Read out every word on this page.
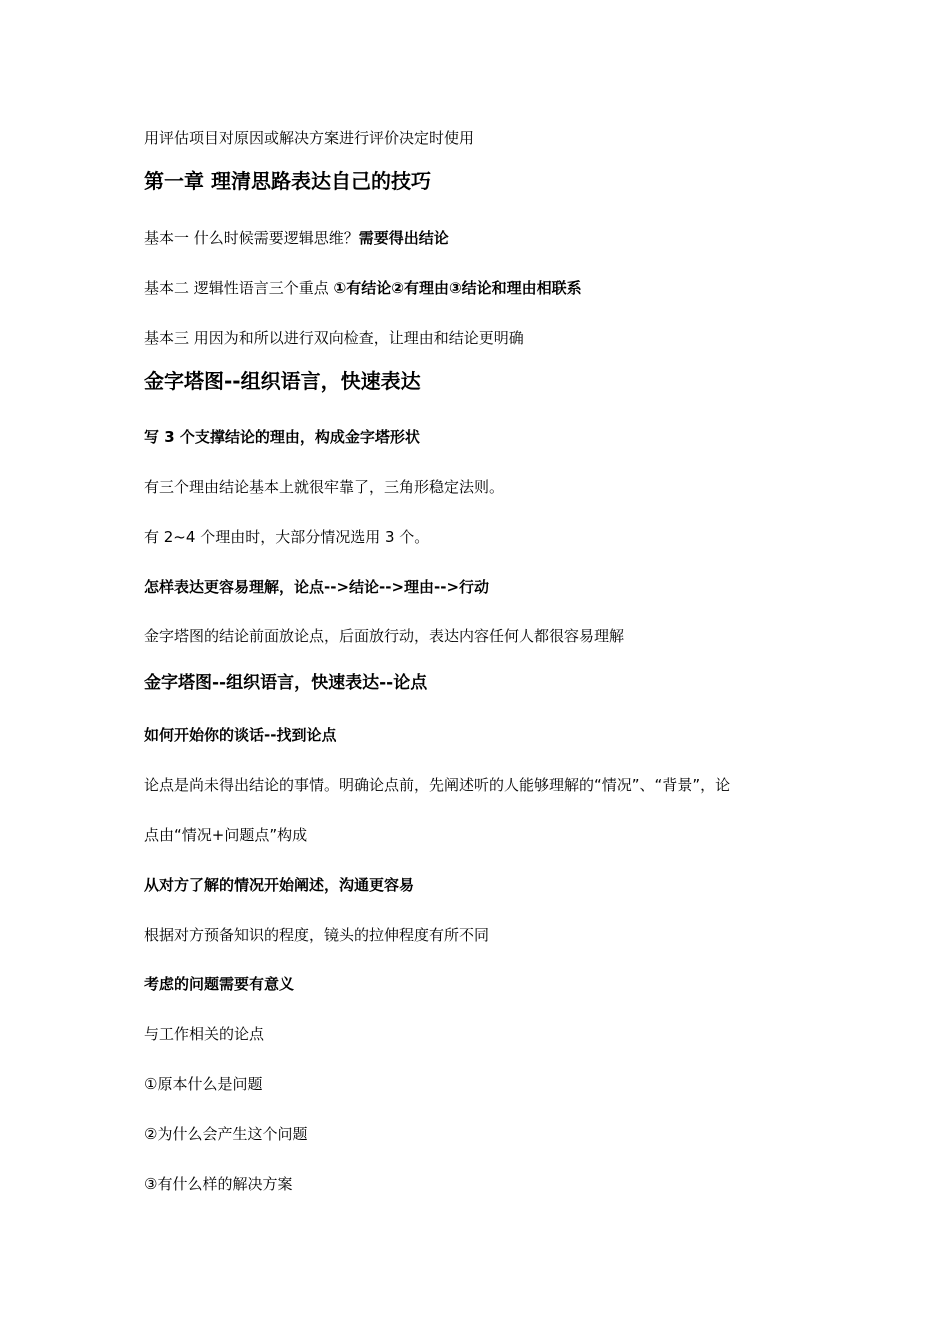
用评估项目对原因或解决方案进行评价决定时使用
第一章 理清思路表达自己的技巧
基本一 什么时候需要逻辑思维？需要得出结论
基本二 逻辑性语言三个重点 ①有结论②有理由③结论和理由相联系
基本三 用因为和所以进行双向检查，让理由和结论更明确
金字塔图--组织语言，快速表达
写 3 个支撑结论的理由，构成金字塔形状
有三个理由结论基本上就很牢靠了，三角形稳定法则。
有 2~4 个理由时，大部分情况选用 3 个。
怎样表达更容易理解，论点-->结论-->理由-->行动
金字塔图的结论前面放论点，后面放行动，表达内容任何人都很容易理解
金字塔图--组织语言，快速表达--论点
如何开始你的谈话--找到论点
论点是尚未得出结论的事情。明确论点前，先阐述听的人能够理解的“情况”、“背景”，论
点由“情况+问题点”构成
从对方了解的情况开始阐述，沟通更容易
根据对方预备知识的程度，镜头的拉伸程度有所不同
考虑的问题需要有意义
与工作相关的论点
①原本什么是问题
②为什么会产生这个问题
③有什么样的解决方案
